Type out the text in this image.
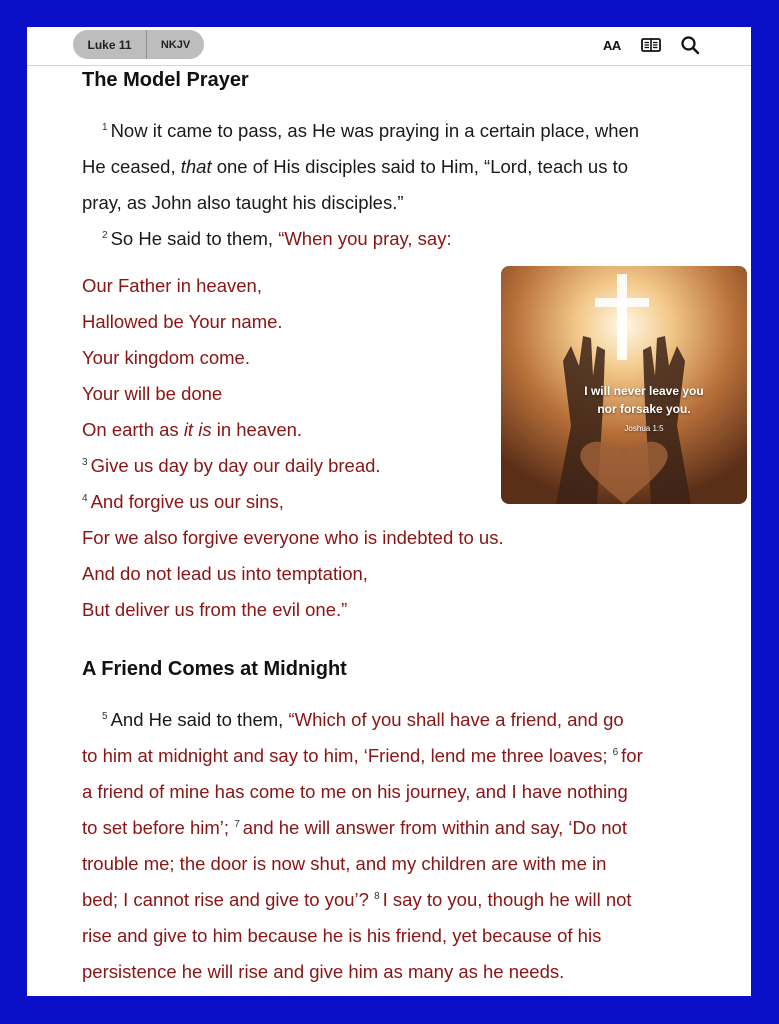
Luke 11	NKJV	AA
The Model Prayer
$^1$ Now it came to pass, as He was praying in a certain place, when
He ceased, that one of His disciples said to Him, “Lord, teach us to
pray, as John also taught his disciples.”
$^2$ So He said to them, “When you pray, say:
Our Father in heaven,
Hallowed be Your name.
Your kingdom come.
Your will be done
On earth as it is in heaven.
$^3$ Give us day by day our daily bread.
$^4$ And forgive us our sins,
For we also forgive everyone who is indebted to us.
And do not lead us into temptation,
But deliver us from the evil one.”
I will never leave you
nor forsake you.
Joshua 1:5
A Friend Comes at Midnight
$^5$ And He said to them, “Which of you shall have a friend, and go
to him at midnight and say to him, ‘Friend, lend me three loaves; $^6$ for
a friend of mine has come to me on his journey, and I have nothing
to set before him’; $^7$ and he will answer from within and say, ‘Do not
trouble me; the door is now shut, and my children are with me in
bed; I cannot rise and give to you’? $^8$ I say to you, though he will not
rise and give to him because he is his friend, yet because of his
persistence he will rise and give him as many as he needs.
